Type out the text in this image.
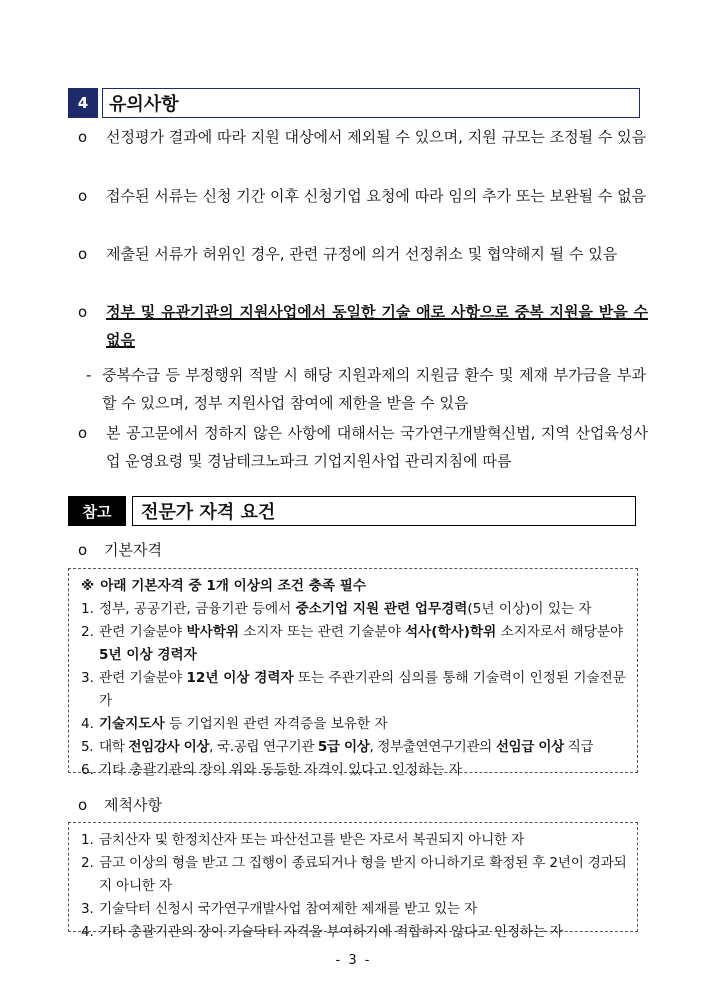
4	유의사항
o	선정평가 결과에 따라 지원 대상에서 제외될 수 있으며, 지원 규모는 조정될 수 있음
o	접수된 서류는 신청 기간 이후 신청기업 요청에 따라 임의 추가 또는 보완될 수 없음
o	제출된 서류가 허위인 경우, 관련 규정에 의거 선정취소 및 협약해지 될 수 있음
o	정부 및 유관기관의 지원사업에서 동일한 기술 애로 사항으로 중복 지원을 받을 수 없음
- 중복수급 등 부정행위 적발 시 해당 지원과제의 지원금 환수 및 제재 부가금을 부과할 수 있으며, 정부 지원사업 참여에 제한을 받을 수 있음
o	본 공고문에서 정하지 않은 사항에 대해서는 국가연구개발혁신법, 지역 산업육성사업 운영요령 및 경남테크노파크 기업지원사업 관리지침에 따름
참고	전문가 자격 요건
o 기본자격
※ 아래 기본자격 중 1개 이상의 조건 충족 필수
1. 정부, 공공기관, 금융기관 등에서 중소기업 지원 관련 업무경력(5년 이상)이 있는 자
2. 관련 기술분야 박사학위 소지자 또는 관련 기술분야 석사(학사)학위 소지자로서 해당분야 5년 이상 경력자
3. 관련 기술분야 12년 이상 경력자 또는 주관기관의 심의를 통해 기술력이 인정된 기술전문가
4. 기술지도사 등 기업지원 관련 자격증을 보유한 자
5. 대학 전임강사 이상, 국.공립 연구기관 5급 이상, 정부출연연구기관의 선임급 이상 직급
6. 기타 총괄기관의 장이 위와 동등한 자격이 있다고 인정하는 자
o 제척사항
1. 금치산자 및 한정치산자 또는 파산선고를 받은 자로서 복권되지 아니한 자
2. 금고 이상의 형을 받고 그 집행이 종료되거나 형을 받지 아니하기로 확정된 후 2년이 경과되지 아니한 자
3. 기술닥터 신청시 국가연구개발사업 참여제한 제재를 받고 있는 자
4. 기타 총괄기관의 장이 기술닥터 자격을 부여하기에 적합하지 않다고 인정하는 자
- 3 -
